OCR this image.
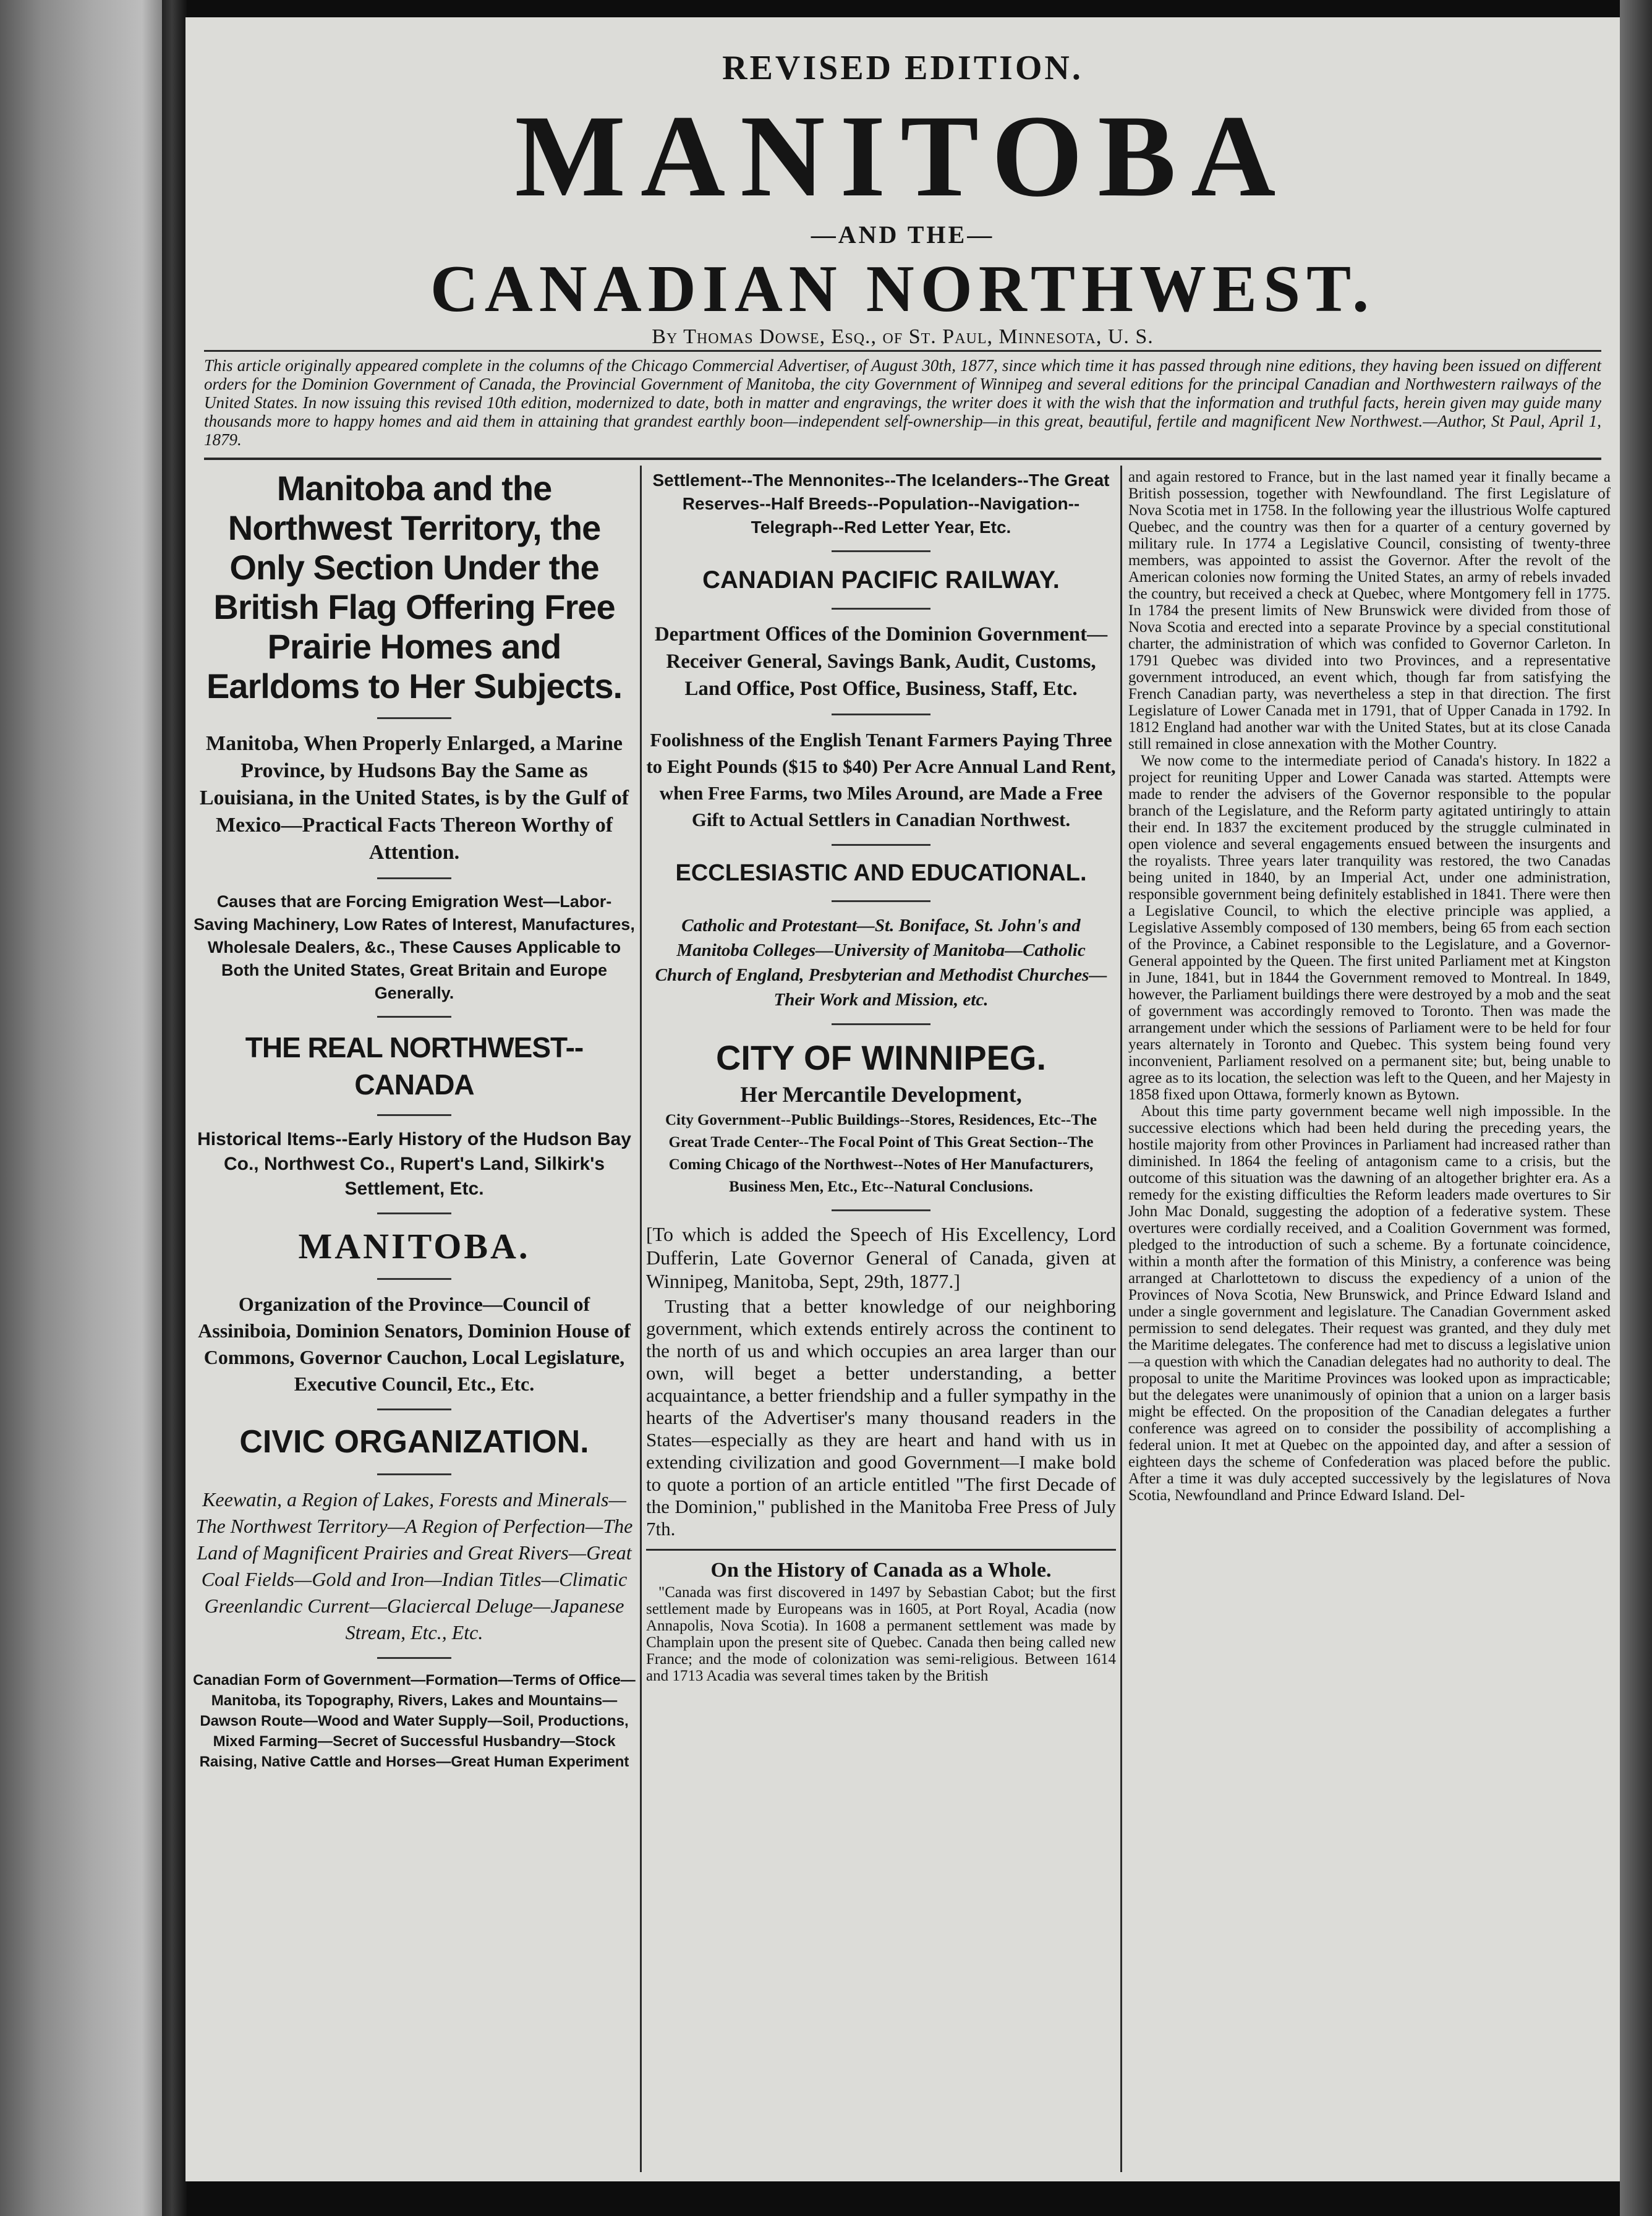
REVISED EDITION.
MANITOBA
—AND THE—
CANADIAN NORTHWEST.
By Thomas Dowse, Esq., of St. Paul, Minnesota, U. S.
This article originally appeared complete in the columns of the Chicago Commercial Advertiser, of August 30th, 1877, since which time it has passed through nine editions, they having been issued on different orders for the Dominion Government of Canada, the Provincial Government of Manitoba, the city Government of Winnipeg and several editions for the principal Canadian and Northwestern railways of the United States. In now issuing this revised 10th edition, modernized to date, both in matter and engravings, the writer does it with the wish that the information and truthful facts, herein given may guide many thousands more to happy homes and aid them in attaining that grandest earthly boon—independent self-ownership—in this great, beautiful, fertile and magnificent New Northwest.—Author, St Paul, April 1, 1879.

Manitoba and the Northwest Territory, the Only Section Under the British Flag Offering Free Prairie Homes and Earldoms to Her Subjects.

Manitoba, When Properly Enlarged, a Marine Province, by Hudsons Bay the Same as Louisiana, in the United States, is by the Gulf of Mexico—Practical Facts Thereon Worthy of Attention.

Causes that are Forcing Emigration West—Labor-Saving Machinery, Low Rates of Interest, Manufactures, Wholesale Dealers, &c., These Causes Applicable to Both the United States, Great Britain and Europe Generally.

THE REAL NORTHWEST--CANADA

Historical Items--Early History of the Hudson Bay Co., Northwest Co., Rupert's Land, Silkirk's Settlement, Etc.

MANITOBA.

Organization of the Province—Council of Assiniboia, Dominion Senators, Dominion House of Commons, Governor Cauchon, Local Legislature, Executive Council, Etc., Etc.

CIVIC ORGANIZATION.

Keewatin, a Region of Lakes, Forests and Minerals—The Northwest Territory—A Region of Perfection—The Land of Magnificent Prairies and Great Rivers—Great Coal Fields—Gold and Iron—Indian Titles—Climatic Greenlandic Current—Glaciercal Deluge—Japanese Stream, Etc., Etc.

Canadian Form of Government—Formation—Terms of Office—Manitoba, its Topography, Rivers, Lakes and Mountains—Dawson Route—Wood and Water Supply—Soil, Productions, Mixed Farming—Secret of Successful Husbandry—Stock Raising, Native Cattle and Horses—Great Human Experiment

Settlement--The Mennonites--The Icelanders--The Great Reserves--Half Breeds--Population--Navigation--Telegraph--Red Letter Year, Etc.

CANADIAN PACIFIC RAILWAY.

Department Offices of the Dominion Government—Receiver General, Savings Bank, Audit, Customs, Land Office, Post Office, Business, Staff, Etc.

Foolishness of the English Tenant Farmers Paying Three to Eight Pounds ($15 to $40) Per Acre Annual Land Rent, when Free Farms, two Miles Around, are Made a Free Gift to Actual Settlers in Canadian Northwest.

ECCLESIASTIC AND EDUCATIONAL.

Catholic and Protestant—St. Boniface, St. John's and Manitoba Colleges—University of Manitoba—Catholic Church of England, Presbyterian and Methodist Churches—Their Work and Mission, etc.

CITY OF WINNIPEG.

Her Mercantile Development,

City Government--Public Buildings--Stores, Residences, Etc--The Great Trade Center--The Focal Point of This Great Section--The Coming Chicago of the Northwest--Notes of Her Manufacturers, Business Men, Etc., Etc--Natural Conclusions.

[To which is added the Speech of His Excellency, Lord Dufferin, Late Governor General of Canada, given at Winnipeg, Manitoba, Sept, 29th, 1877.]

Trusting that a better knowledge of our neighboring government, which extends entirely across the continent to the north of us and which occupies an area larger than our own, will beget a better understanding, a better acquaintance, a better friendship and a fuller sympathy in the hearts of the Advertiser's many thousand readers in the States—especially as they are heart and hand with us in extending civilization and good Government—I make bold to quote a portion of an article entitled "The first Decade of the Dominion," published in the Manitoba Free Press of July 7th.

On the History of Canada as a Whole.

"Canada was first discovered in 1497 by Sebastian Cabot; but the first settlement made by Europeans was in 1605, at Port Royal, Acadia (now Annapolis, Nova Scotia). In 1608 a permanent settlement was made by Champlain upon the present site of Quebec. Canada then being called new France; and the mode of colonization was semi-religious. Between 1614 and 1713 Acadia was several times taken by the British

and again restored to France, but in the last named year it finally became a British possession, together with Newfoundland. The first Legislature of Nova Scotia met in 1758. In the following year the illustrious Wolfe captured Quebec, and the country was then for a quarter of a century governed by military rule. In 1774 a Legislative Council, consisting of twenty-three members, was appointed to assist the Governor. After the revolt of the American colonies now forming the United States, an army of rebels invaded the country, but received a check at Quebec, where Montgomery fell in 1775. In 1784 the present limits of New Brunswick were divided from those of Nova Scotia and erected into a separate Province by a special constitutional charter, the administration of which was confided to Governor Carleton. In 1791 Quebec was divided into two Provinces, and a representative government introduced, an event which, though far from satisfying the French Canadian party, was nevertheless a step in that direction. The first Legislature of Lower Canada met in 1791, that of Upper Canada in 1792. In 1812 England had another war with the United States, but at its close Canada still remained in close annexation with the Mother Country.

We now come to the intermediate period of Canada's history. In 1822 a project for reuniting Upper and Lower Canada was started. Attempts were made to render the advisers of the Governor responsible to the popular branch of the Legislature, and the Reform party agitated untiringly to attain their end. In 1837 the excitement produced by the struggle culminated in open violence and several engagements ensued between the insurgents and the royalists. Three years later tranquility was restored, the two Canadas being united in 1840, by an Imperial Act, under one administration, responsible government being definitely established in 1841. There were then a Legislative Council, to which the elective principle was applied, a Legislative Assembly composed of 130 members, being 65 from each section of the Province, a Cabinet responsible to the Legislature, and a Governor-General appointed by the Queen. The first united Parliament met at Kingston in June, 1841, but in 1844 the Government removed to Montreal. In 1849, however, the Parliament buildings there were destroyed by a mob and the seat of government was accordingly removed to Toronto. Then was made the arrangement under which the sessions of Parliament were to be held for four years alternately in Toronto and Quebec. This system being found very inconvenient, Parliament resolved on a permanent site; but, being unable to agree as to its location, the selection was left to the Queen, and her Majesty in 1858 fixed upon Ottawa, formerly known as Bytown.

About this time party government became well nigh impossible. In the successive elections which had been held during the preceding years, the hostile majority from other Provinces in Parliament had increased rather than diminished. In 1864 the feeling of antagonism came to a crisis, but the outcome of this situation was the dawning of an altogether brighter era. As a remedy for the existing difficulties the Reform leaders made overtures to Sir John Mac Donald, suggesting the adoption of a federative system. These overtures were cordially received, and a Coalition Government was formed, pledged to the introduction of such a scheme. By a fortunate coincidence, within a month after the formation of this Ministry, a conference was being arranged at Charlottetown to discuss the expediency of a union of the Provinces of Nova Scotia, New Brunswick, and Prince Edward Island and under a single government and legislature. The Canadian Government asked permission to send delegates. Their request was granted, and they duly met the Maritime delegates. The conference had met to discuss a legislative union—a question with which the Canadian delegates had no authority to deal. The proposal to unite the Maritime Provinces was looked upon as impracticable; but the delegates were unanimously of opinion that a union on a larger basis might be effected. On the proposition of the Canadian delegates a further conference was agreed on to consider the possibility of accomplishing a federal union. It met at Quebec on the appointed day, and after a session of eighteen days the scheme of Confederation was placed before the public. After a time it was duly accepted successively by the legislatures of Nova Scotia, Newfoundland and Prince Edward Island. Del-
